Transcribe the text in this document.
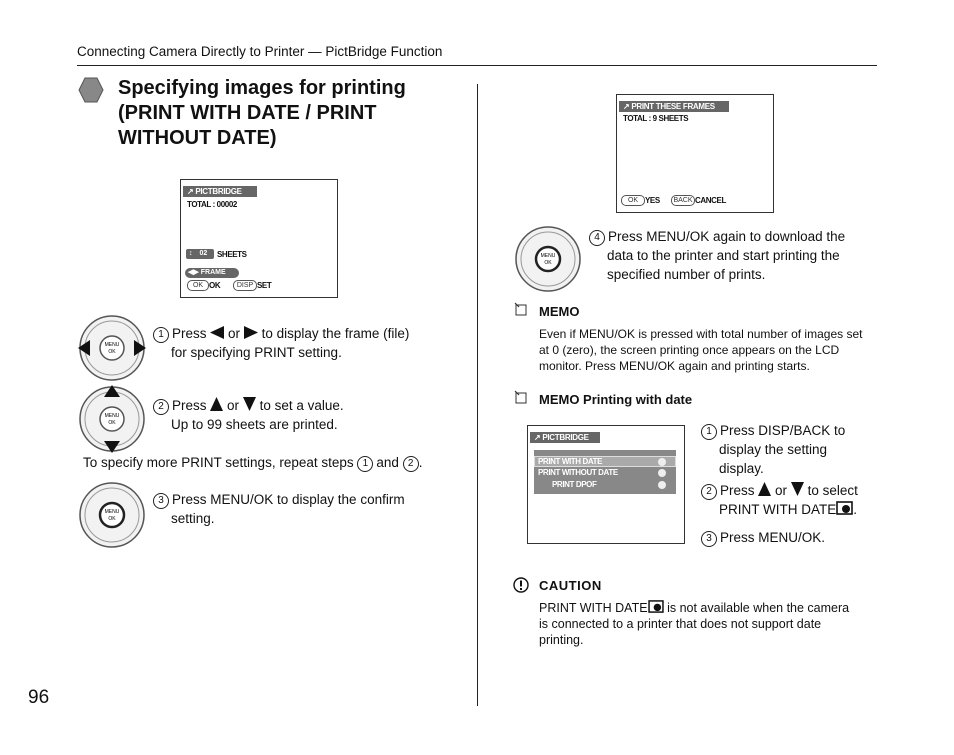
Connecting Camera Directly to Printer — PictBridge Function
96
Specifying images for printing
(PRINT WITH DATE / PRINT
WITHOUT DATE)
↗ PICTBRIDGE
TOTAL : 00002
↕ 02	SHEETS
◀▶ FRAME
OK OK	DISP SET
↗ PRINT THESE FRAMES
TOTAL : 9 SHEETS
OK YES	BACK CANCEL
↗ PICTBRIDGE
PRINT WITH DATE
PRINT WITHOUT DATE
PRINT DPOF
MENU
OK
MENU
OK
MENU
OK
MENU
OK
1 Press or to display the frame (file)
for specifying PRINT setting.
2 Press or to set a value.
Up to 99 sheets are printed.
To specify more PRINT settings, repeat steps 1 and 2 .
3 Press MENU/OK to display the confirm
setting.
4 Press MENU/OK again to download the
data to the printer and start printing the
specified number of prints.
MEMO
Even if MENU/OK is pressed with total number of images set
at 0 (zero), the screen printing once appears on the LCD
monitor. Press MENU/OK again and printing starts.
MEMO Printing with date
1 Press DISP/BACK to
display the setting
display.
2 Press or to select
PRINT WITH DATE .
3 Press MENU/OK.
CAUTION
PRINT WITH DATE is not available when the camera
is connected to a printer that does not support date
printing.
